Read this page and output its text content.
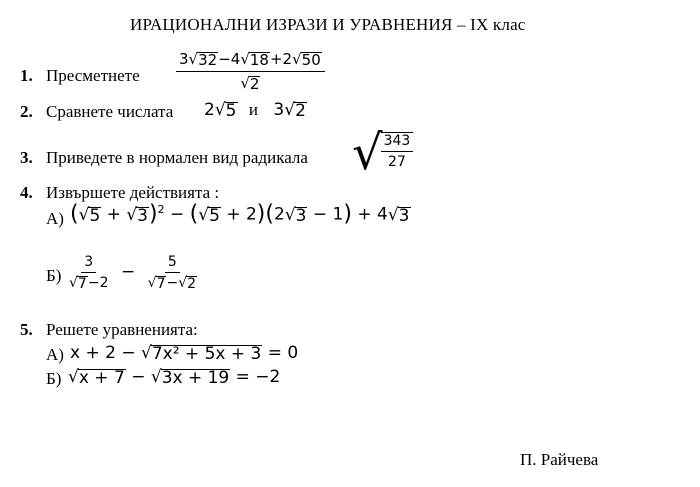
ИРАЦИОНАЛНИ ИЗРАЗИ И УРАВНЕНИЯ – IX клас
1. Пресметнете $\frac{3 √ 32 -4 √ 18 +2 √ 50}{√ 2}$
2. Сравнете числата 2 √ 5 и 3 √ 2
3. Приведете в нормален вид радикала √
$\frac{343}{27}$
4. Извършете действията :
А) ( √ 5 + √ 3 )$^2$ − ( √ 5 + 2)(2 √ 3 − 1) + 4 √ 3
$Б) \frac{3}{√ 7 -2} - \frac{5}{√ 7 - √ 2}$
5. Решете уравненията:
А) x + 2 − √ 7x² + 5x + 3 = 0
Б) √ x + 7 − √ 3x + 19 = −2
П. Райчева
